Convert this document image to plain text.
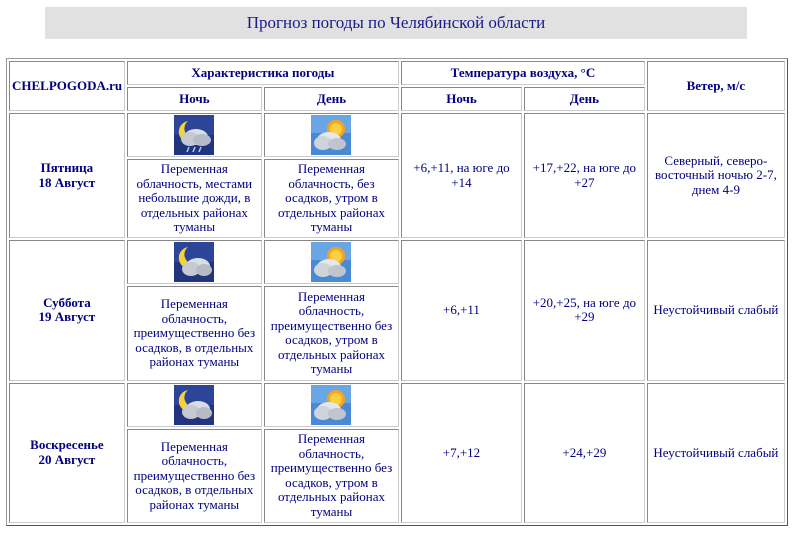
Прогноз погоды по Челябинской области
CHELPOGODA.ru	Характеристика погоды		Температура воздуха, °C		Ветер, м/с
	Ночь	День	Ночь	День	

Пятница
18 Август			+6,+11, на юге до +14	+17,+22, на юге до +27	Северный, северо-восточный ночью 2-7, днем 4-9
	Переменная облачность, местами небольшие дожди, в отдельных районах туманы	Переменная облачность, без осадков, утром в отдельных районах туманы			

Суббота
19 Август			+6,+11	+20,+25, на юге до +29	Неустойчивый слабый
	Переменная облачность, преимущественно без осадков, в отдельных районах туманы	Переменная облачность, преимущественно без осадков, утром в отдельных районах туманы			

Воскресенье
20 Август			+7,+12	+24,+29	Неустойчивый слабый
	Переменная облачность, преимущественно без осадков, в отдельных районах туманы	Переменная облачность, преимущественно без осадков, утром в отдельных районах туманы			
